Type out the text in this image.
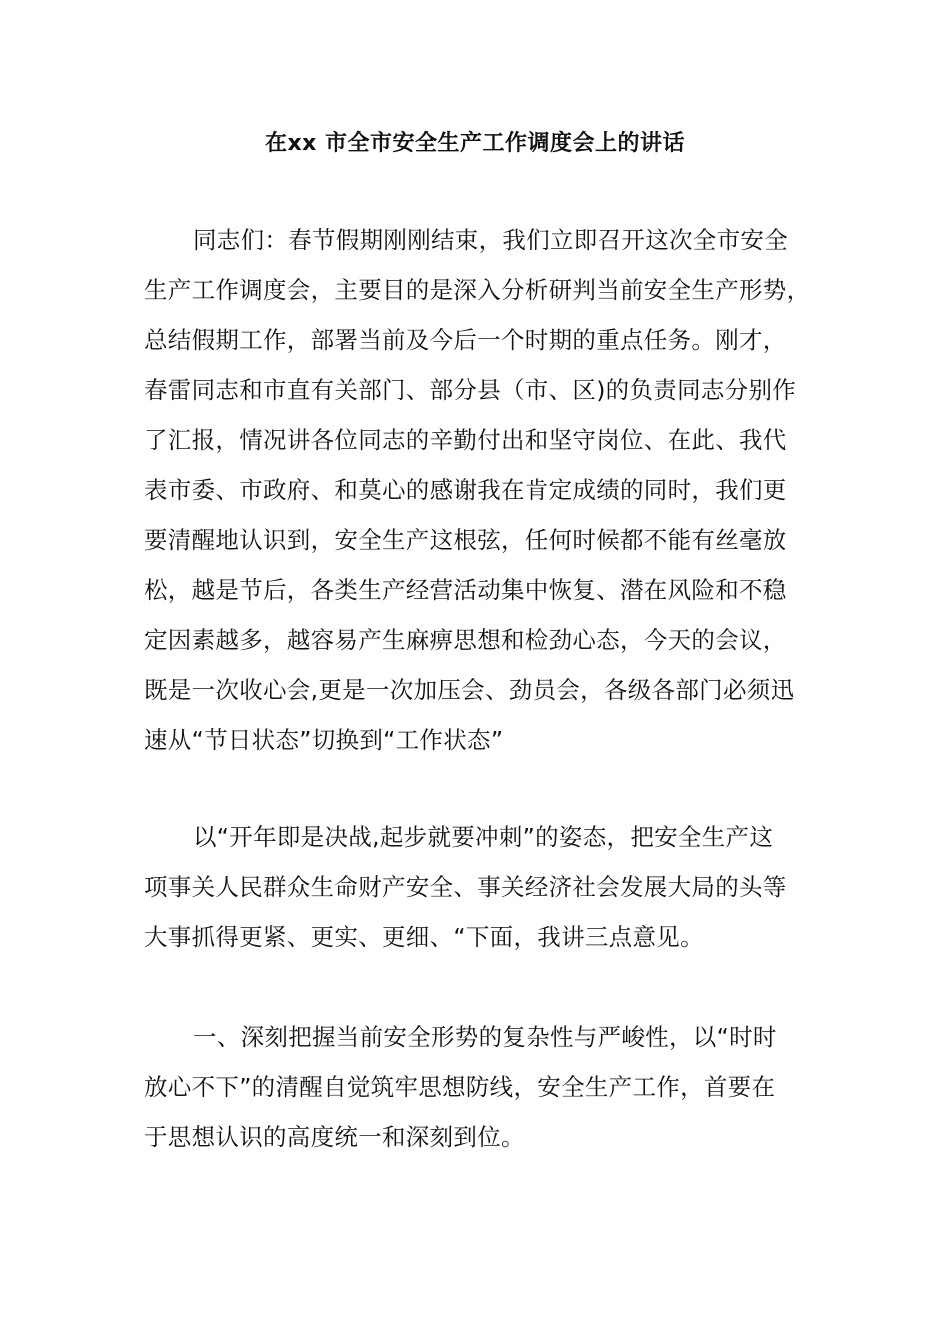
在xx 市全市安全生产工作调度会上的讲话
同志们：春节假期刚刚结束，我们立即召开这次全市安全
生产工作调度会，主要目的是深入分析研判当前安全生产形势，
总结假期工作，部署当前及今后一个时期的重点任务。刚才，
春雷同志和市直有关部门、部分县（市、区)的负责同志分别作
了汇报，情况讲各位同志的辛勤付出和坚守岗位、在此、我代
表市委、市政府、和莫心的感谢我在肯定成绩的同时，我们更
要清醒地认识到，安全生产这根弦，任何时候都不能有丝毫放
松，越是节后，各类生产经营活动集中恢复、潜在风险和不稳
定因素越多，越容易产生麻痹思想和检劲心态，今天的会议，
既是一次收心会,更是一次加压会、劲员会，各级各部门必须迅
速从“节日状态”切换到“工作状态”
以“开年即是决战,起步就要冲刺”的姿态，把安全生产这
项事关人民群众生命财产安全、事关经济社会发展大局的头等
大事抓得更紧、更实、更细、“下面，我讲三点意见。
一、深刻把握当前安全形势的复杂性与严峻性，以“时时
放心不下”的清醒自觉筑牢思想防线，安全生产工作，首要在
于思想认识的高度统一和深刻到位。
